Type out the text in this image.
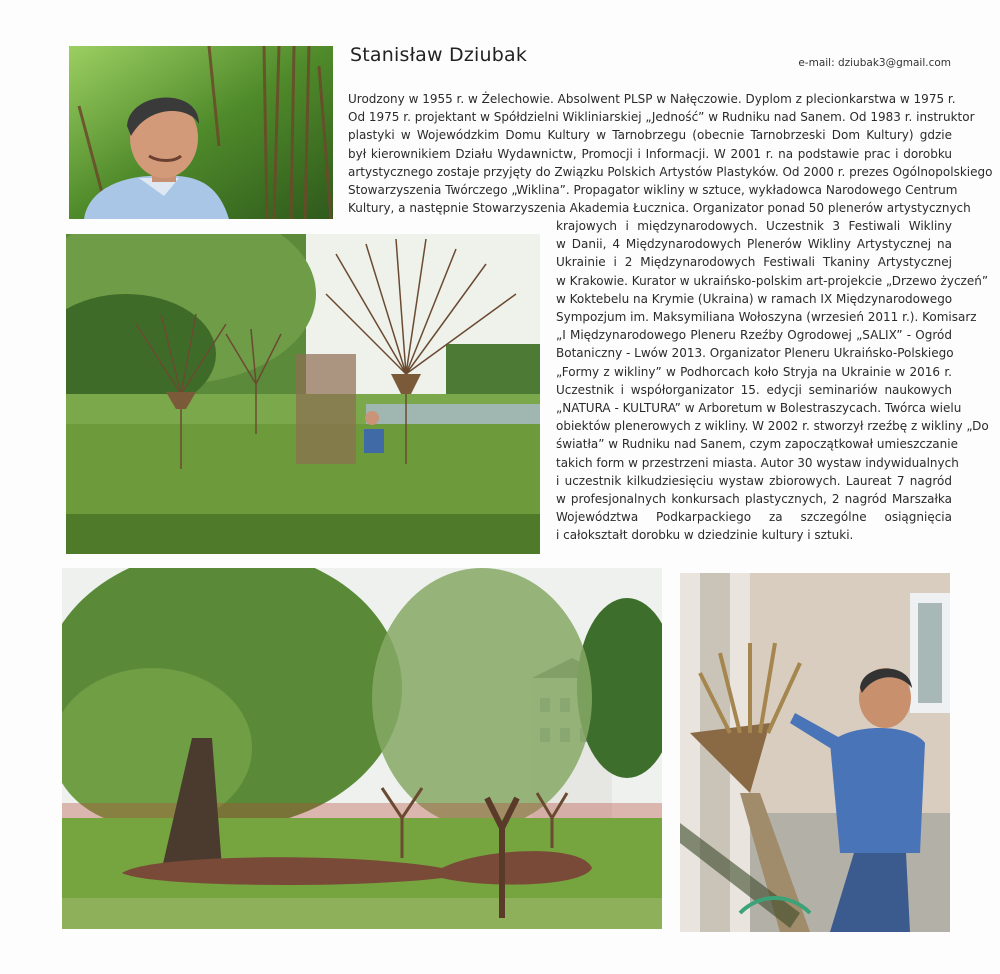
Stanisław Dziubak	e-mail: dziubak3@gmail.com
Urodzony w 1955 r. w Żelechowie. Absolwent PLSP w Nałęczowie. Dyplom z plecionkarstwa w 1975 r.
Od 1975 r. projektant w Spółdzielni Wikliniarskiej „Jedność” w Rudniku nad Sanem. Od 1983 r. instruktor
plastyki w Wojewódzkim Domu Kultury w Tarnobrzegu (obecnie Tarnobrzeski Dom Kultury) gdzie
był kierownikiem Działu Wydawnictw, Promocji i Informacji. W 2001 r. na podstawie prac i dorobku
artystycznego zostaje przyjęty do Związku Polskich Artystów Plastyków. Od 2000 r. prezes Ogólnopolskiego
Stowarzyszenia Twórczego „Wiklina”. Propagator wikliny w sztuce, wykładowca Narodowego Centrum
Kultury, a następnie Stowarzyszenia Akademia Łucznica. Organizator ponad 50 plenerów artystycznych
krajowych i międzynarodowych. Uczestnik 3 Festiwali Wikliny
w Danii, 4 Międzynarodowych Plenerów Wikliny Artystycznej na
Ukrainie i 2 Międzynarodowych Festiwali Tkaniny Artystycznej
w Krakowie. Kurator w ukraińsko-polskim art-projekcie „Drzewo życzeń”
w Koktebelu na Krymie (Ukraina) w ramach IX Międzynarodowego
Sympozjum im. Maksymiliana Wołoszyna (wrzesień 2011 r.). Komisarz
„I Międzynarodowego Pleneru Rzeźby Ogrodowej „SALIX” - Ogród
Botaniczny - Lwów 2013. Organizator Pleneru Ukraińsko-Polskiego
„Formy z wikliny” w Podhorcach koło Stryja na Ukrainie w 2016 r.
Uczestnik i współorganizator 15. edycji seminariów naukowych
„NATURA - KULTURA” w Arboretum w Bolestraszycach. Twórca wielu
obiektów plenerowych z wikliny. W 2002 r. stworzył rzeźbę z wikliny „Do
światła” w Rudniku nad Sanem, czym zapoczątkował umieszczanie
takich form w przestrzeni miasta. Autor 30 wystaw indywidualnych
i uczestnik kilkudziesięciu wystaw zbiorowych. Laureat 7 nagród
w profesjonalnych konkursach plastycznych, 2 nagród Marszałka
Województwa Podkarpackiego za szczególne osiągnięcia
i całokształt dorobku w dziedzinie kultury i sztuki.
